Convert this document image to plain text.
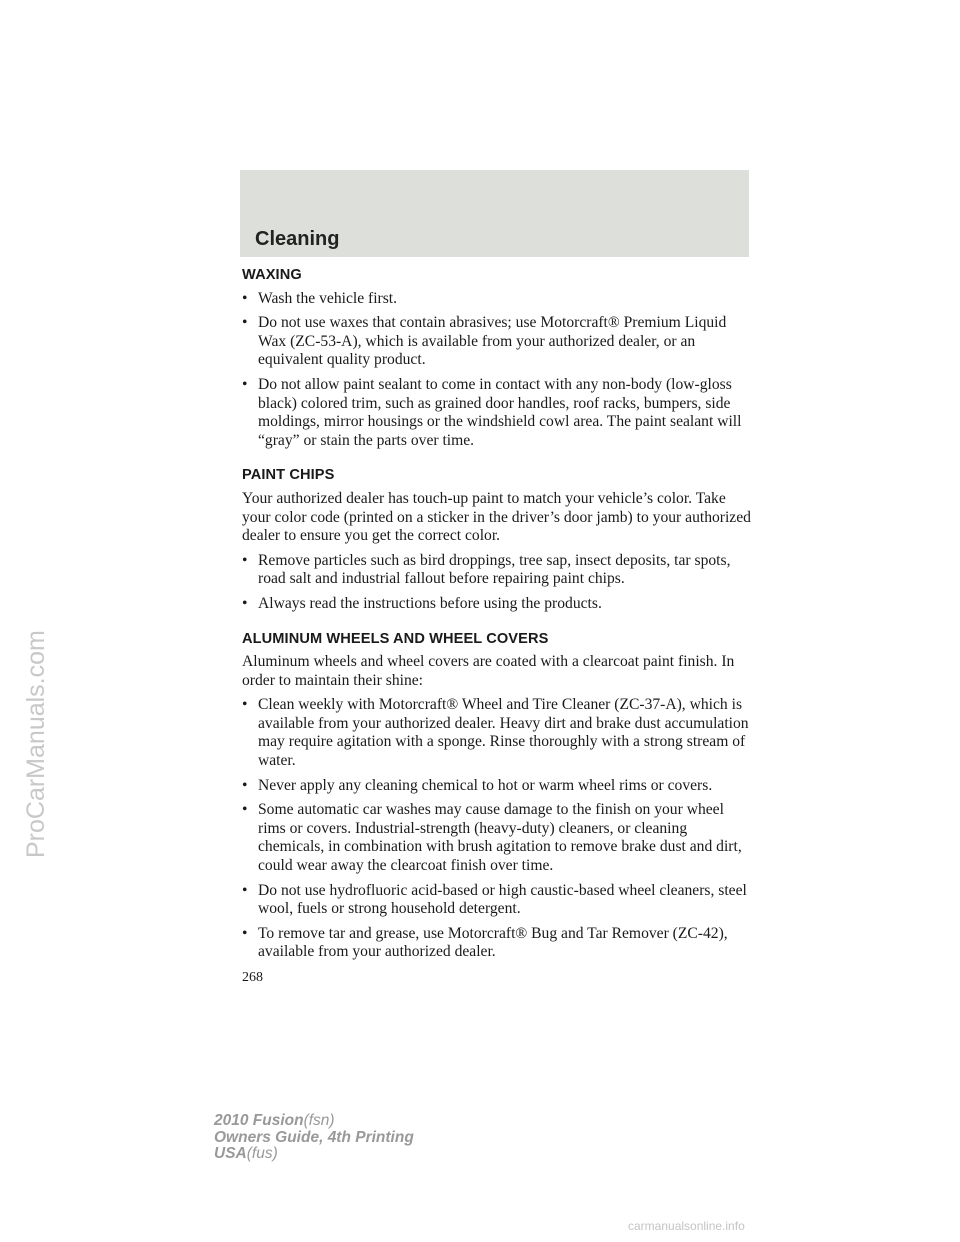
Cleaning
WAXING
• Wash the vehicle first.
• Do not use waxes that contain abrasives; use Motorcraft® Premium Liquid Wax (ZC-53-A), which is available from your authorized dealer, or an equivalent quality product.
• Do not allow paint sealant to come in contact with any non-body (low-gloss black) colored trim, such as grained door handles, roof racks, bumpers, side moldings, mirror housings or the windshield cowl area. The paint sealant will “gray” or stain the parts over time.
PAINT CHIPS

Your authorized dealer has touch-up paint to match your vehicle’s color. Take your color code (printed on a sticker in the driver’s door jamb) to your authorized dealer to ensure you get the correct color.

• Remove particles such as bird droppings, tree sap, insect deposits, tar spots, road salt and industrial fallout before repairing paint chips.
• Always read the instructions before using the products.
ALUMINUM WHEELS AND WHEEL COVERS

Aluminum wheels and wheel covers are coated with a clearcoat paint finish. In order to maintain their shine:

• Clean weekly with Motorcraft® Wheel and Tire Cleaner (ZC-37-A), which is available from your authorized dealer. Heavy dirt and brake dust accumulation may require agitation with a sponge. Rinse thoroughly with a strong stream of water.
• Never apply any cleaning chemical to hot or warm wheel rims or covers.
• Some automatic car washes may cause damage to the finish on your wheel rims or covers. Industrial-strength (heavy-duty) cleaners, or cleaning chemicals, in combination with brush agitation to remove brake dust and dirt, could wear away the clearcoat finish over time.
• Do not use hydrofluoric acid-based or high caustic-based wheel cleaners, steel wool, fuels or strong household detergent.
• To remove tar and grease, use Motorcraft® Bug and Tar Remover (ZC-42), available from your authorized dealer.
268
2010 Fusion(fsn)
Owners Guide, 4th Printing
USA(fus)
ProCarManuals.com
carmanualsonline.info
